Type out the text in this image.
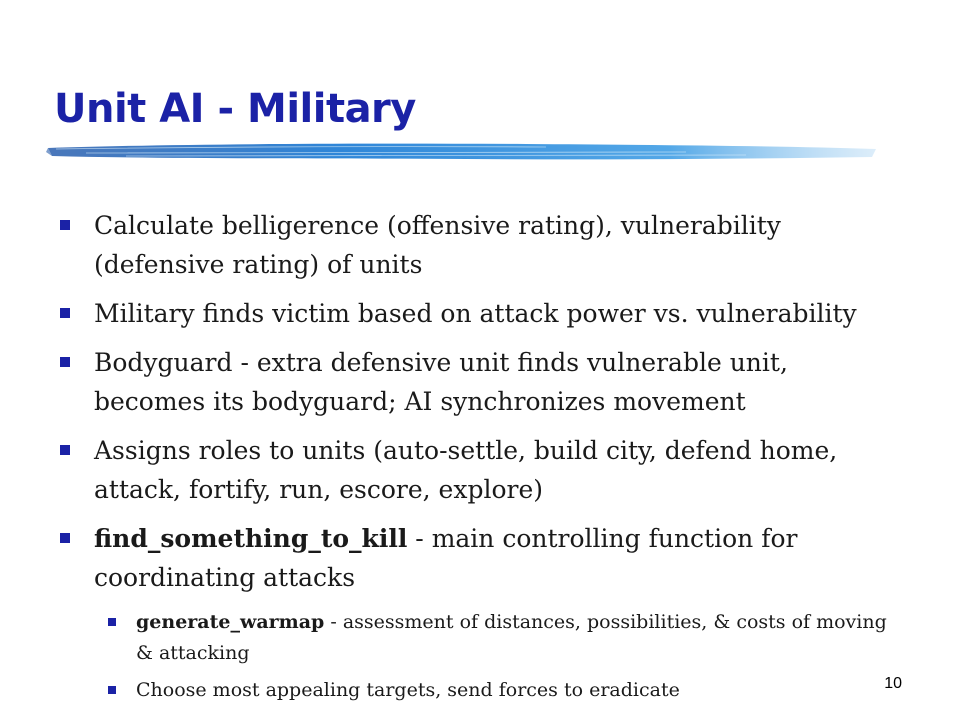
Unit AI - Military
Calculate belligerence (offensive rating), vulnerability (defensive rating) of units
Military finds victim based on attack power vs. vulnerability
Bodyguard - extra defensive unit finds vulnerable unit, becomes its bodyguard; AI synchronizes movement
Assigns roles to units (auto-settle, build city, defend home, attack, fortify, run, escore, explore)
find_something_to_kill - main controlling function for coordinating attacks
generate_warmap - assessment of distances, possibilities, & costs of moving & attacking
Choose most appealing targets, send forces to eradicate	10
